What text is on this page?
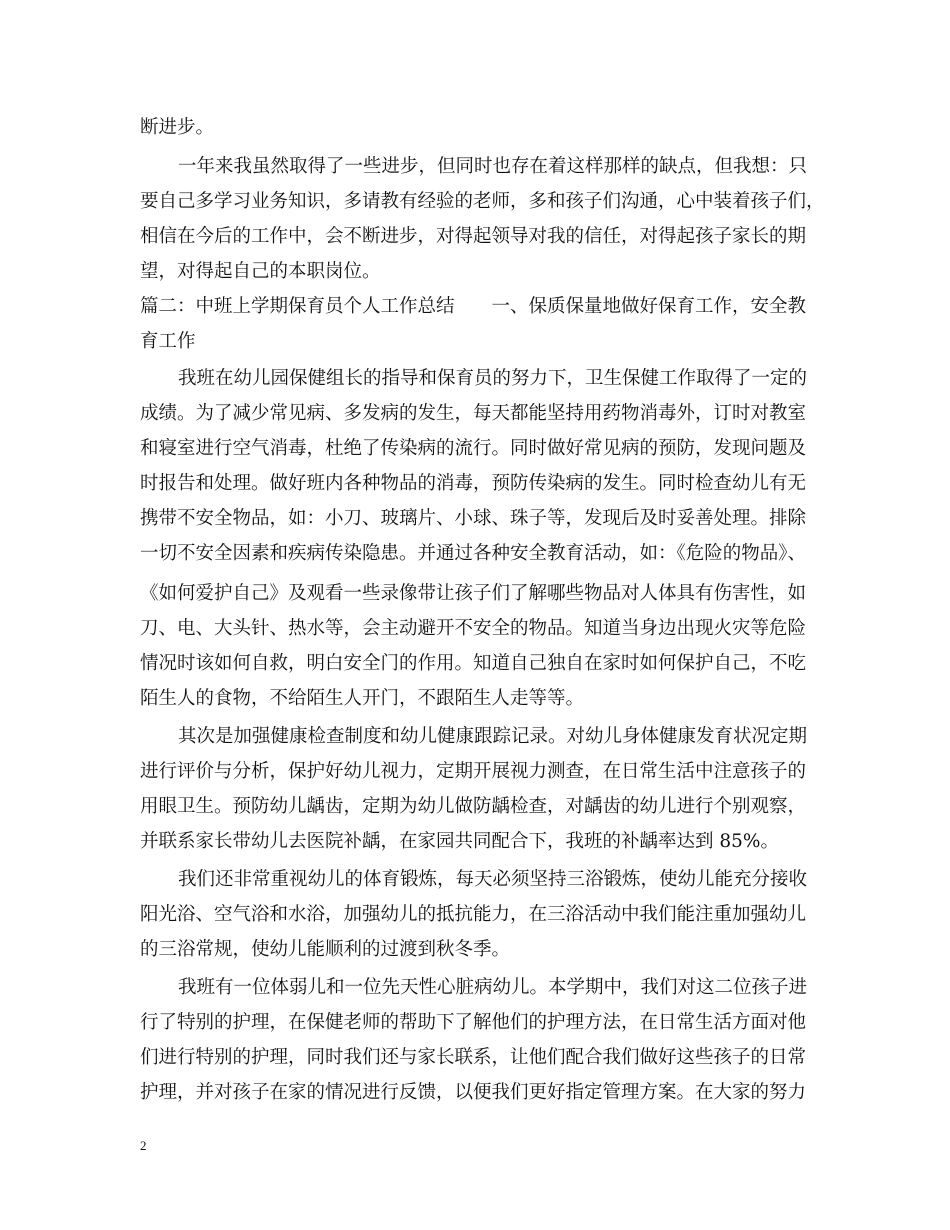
断进步。
一年来我虽然取得了一些进步，但同时也存在着这样那样的缺点，但我想：只
要自己多学习业务知识，多请教有经验的老师，多和孩子们沟通，心中装着孩子们，
相信在今后的工作中，会不断进步，对得起领导对我的信任，对得起孩子家长的期
望，对得起自己的本职岗位。
篇二：中班上学期保育员个人工作总结　　一、保质保量地做好保育工作，安全教
育工作
我班在幼儿园保健组长的指导和保育员的努力下，卫生保健工作取得了一定的
成绩。为了减少常见病、多发病的发生，每天都能坚持用药物消毒外，订时对教室
和寝室进行空气消毒，杜绝了传染病的流行。同时做好常见病的预防，发现问题及
时报告和处理。做好班内各种物品的消毒，预防传染病的发生。同时检查幼儿有无
携带不安全物品，如：小刀、玻璃片、小球、珠子等，发现后及时妥善处理。排除
一切不安全因素和疾病传染隐患。并通过各种安全教育活动，如：《危险的物品》、
《如何爱护自己》及观看一些录像带让孩子们了解哪些物品对人体具有伤害性，如
刀、电、大头针、热水等，会主动避开不安全的物品。知道当身边出现火灾等危险
情况时该如何自救，明白安全门的作用。知道自己独自在家时如何保护自己，不吃
陌生人的食物，不给陌生人开门，不跟陌生人走等等。
其次是加强健康检查制度和幼儿健康跟踪记录。对幼儿身体健康发育状况定期
进行评价与分析，保护好幼儿视力，定期开展视力测查，在日常生活中注意孩子的
用眼卫生。预防幼儿龋齿，定期为幼儿做防龋检查，对龋齿的幼儿进行个别观察，
并联系家长带幼儿去医院补龋，在家园共同配合下，我班的补龋率达到 85%。
我们还非常重视幼儿的体育锻炼，每天必须坚持三浴锻炼，使幼儿能充分接收
阳光浴、空气浴和水浴，加强幼儿的抵抗能力，在三浴活动中我们能注重加强幼儿
的三浴常规，使幼儿能顺利的过渡到秋冬季。
我班有一位体弱儿和一位先天性心脏病幼儿。本学期中，我们对这二位孩子进
行了特别的护理，在保健老师的帮助下了解他们的护理方法，在日常生活方面对他
们进行特别的护理，同时我们还与家长联系，让他们配合我们做好这些孩子的日常
护理，并对孩子在家的情况进行反馈，以便我们更好指定管理方案。在大家的努力
2
